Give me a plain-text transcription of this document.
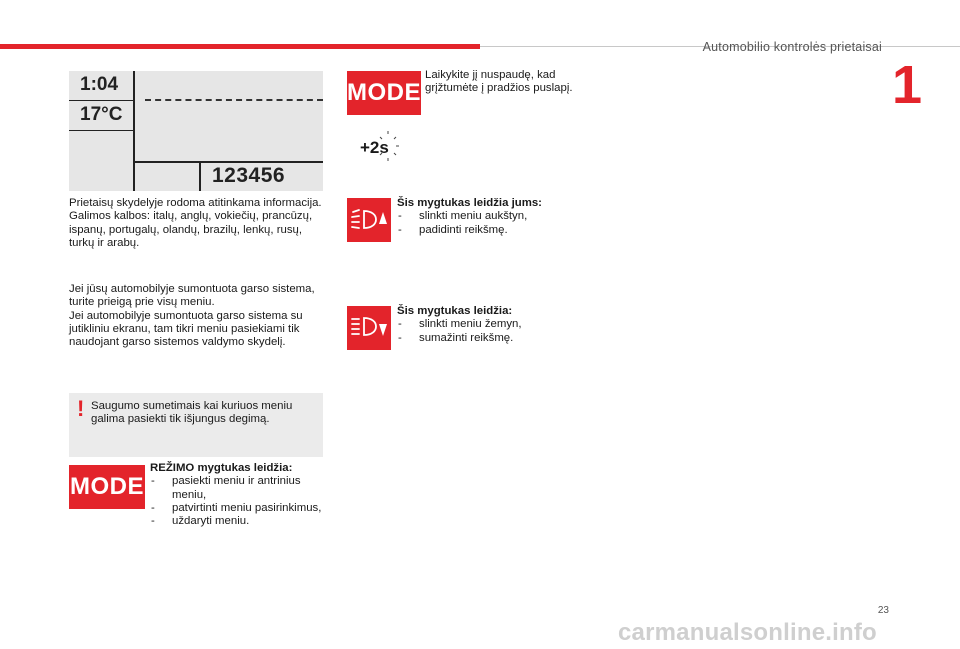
Automobilio kontrolės prietaisai
1
1:04
17°C
123456
Prietaisų skydelyje rodoma atitinkama informacija. Galimos kalbos: italų, anglų, vokiečių, prancūzų, ispanų, portugalų, olandų, brazilų, lenkų, rusų, turkų ir arabų.
Jei jūsų automobilyje sumontuota garso sistema, turite prieigą prie visų meniu.
Jei automobilyje sumontuota garso sistema su jutikliniu ekranu, tam tikri meniu pasiekiami tik naudojant garso sistemos valdymo skydelį.
! Saugumo sumetimais kai kuriuos meniu galima pasiekti tik išjungus degimą.
MODE
REŽIMO mygtukas leidžia:
- pasiekti meniu ir antrinius meniu,
- patvirtinti meniu pasirinkimus,
- uždaryti meniu.
MODE
Laikykite jį nuspaudę, kad grįžtumėte į pradžios puslapį.
+2s
Šis mygtukas leidžia jums:
- slinkti meniu aukštyn,
- padidinti reikšmę.
Šis mygtukas leidžia:
- slinkti meniu žemyn,
- sumažinti reikšmę.
23
carmanualsonline.info
